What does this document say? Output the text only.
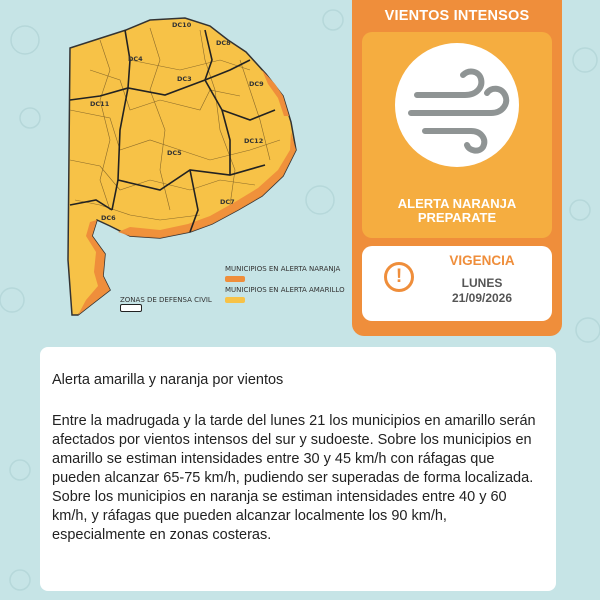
DC10
DC8
DC4
DC3
DC9
DC11
DC12
DC5
DC7
DC6
MUNICIPIOS EN ALERTA NARANJA
MUNICIPIOS EN ALERTA AMARILLO
ZONAS DE DEFENSA CIVIL

VIENTOS INTENSOS
ALERTA NARANJA
PREPARATE
!
VIGENCIA
LUNES
21/09/2026
Alerta amarilla y naranja por vientos
Entre la madrugada y la tarde del lunes 21 los municipios en amarillo serán afectados por vientos intensos del sur y sudoeste. Sobre los municipios en amarillo se estiman intensidades entre 30 y 45 km/h con ráfagas que pueden alcanzar 65-75 km/h, pudiendo ser superadas de forma localizada. Sobre los municipios en naranja se estiman intensidades entre 40 y 60 km/h, y ráfagas que pueden alcanzar localmente los 90 km/h, especialmente en zonas costeras.
